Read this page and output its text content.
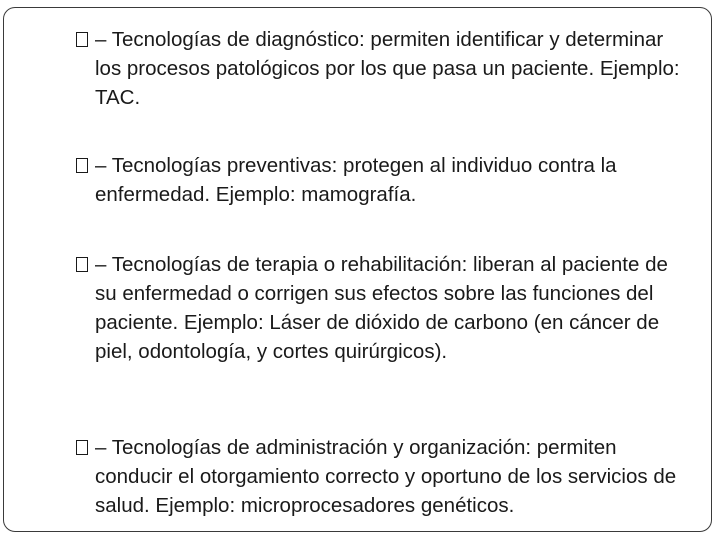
– Tecnologías de diagnóstico: permiten identificar y determinar los procesos patológicos por los que pasa un paciente. Ejemplo: TAC.
– Tecnologías preventivas: protegen al individuo contra la enfermedad. Ejemplo: mamografía.
– Tecnologías de terapia o rehabilitación: liberan al paciente de su enfermedad o corrigen sus efectos sobre las funciones del paciente. Ejemplo: Láser de dióxido de carbono (en cáncer de piel, odontología, y cortes quirúrgicos).
– Tecnologías de administración y organización: permiten conducir el otorgamiento correcto y oportuno de los servicios de salud. Ejemplo: microprocesadores genéticos.
